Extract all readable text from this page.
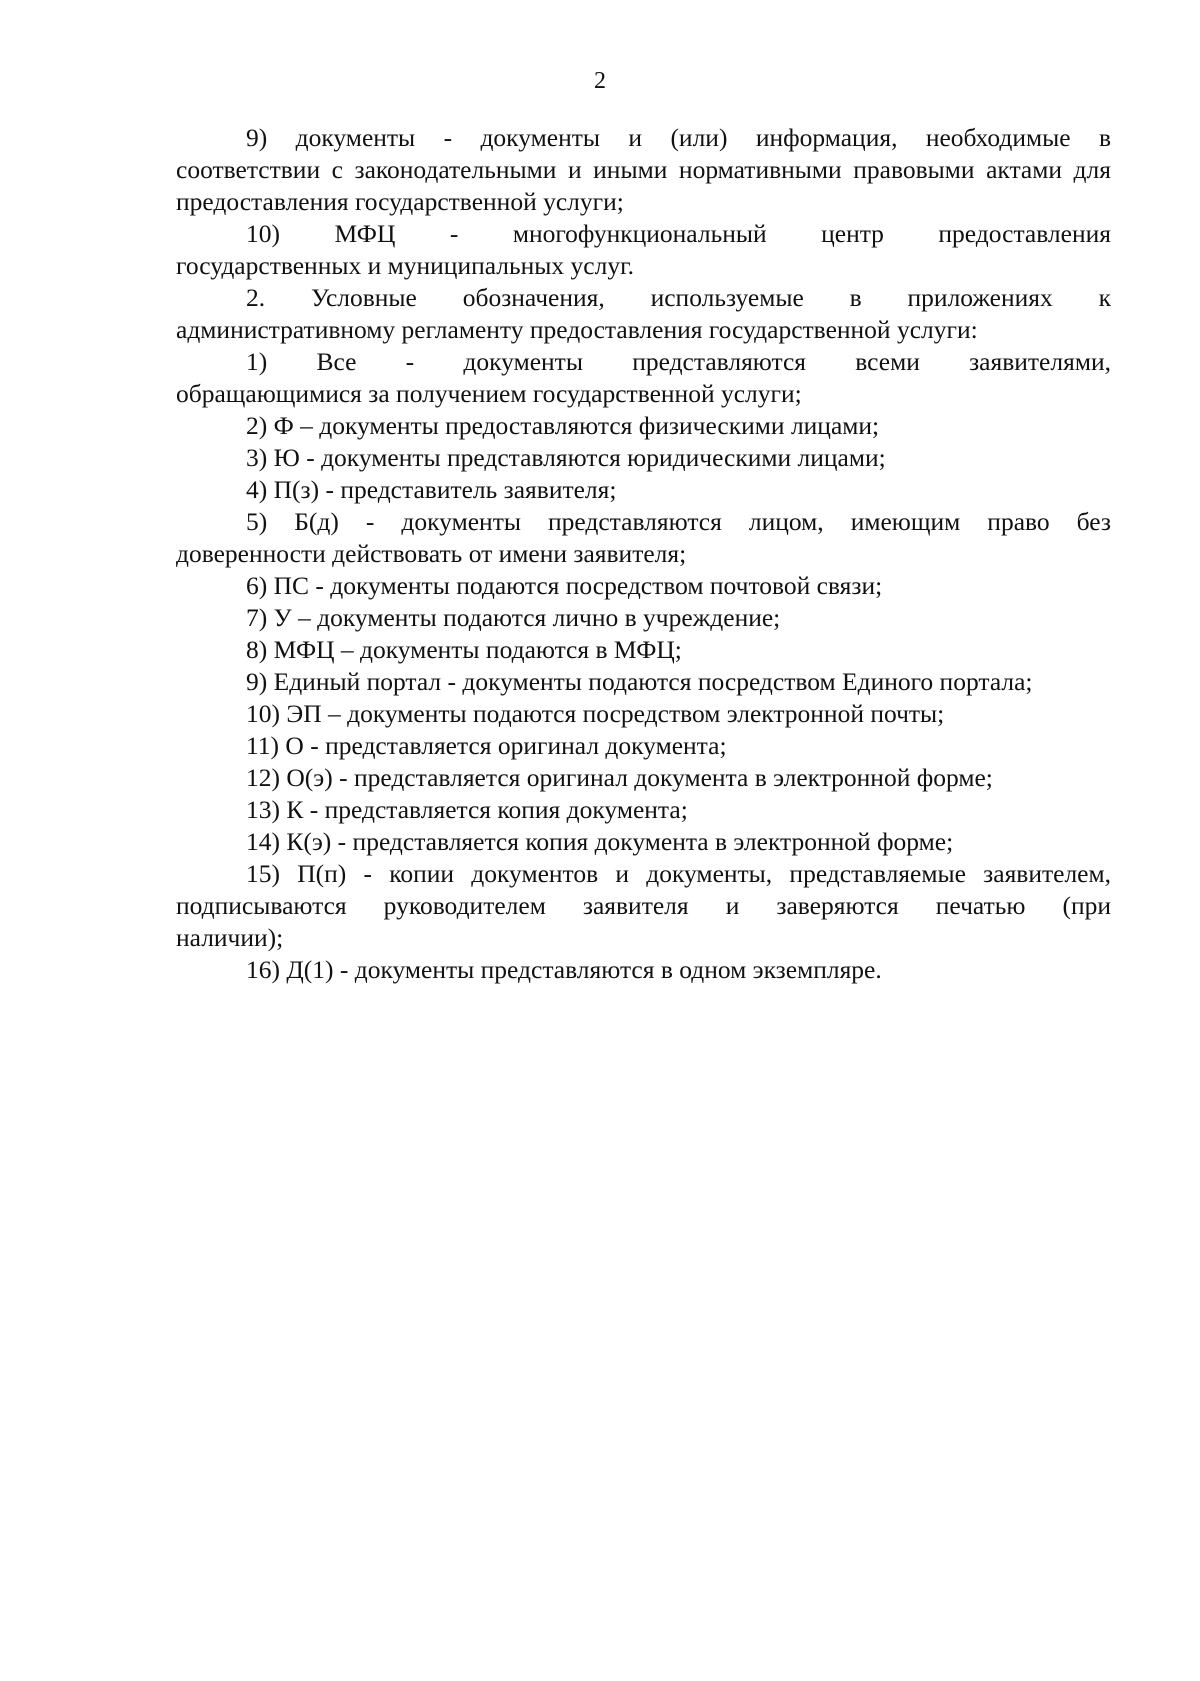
2
9) документы - документы и (или) информация, необходимые в
соответствии с законодательными и иными нормативными правовыми актами для предоставления государственной услуги;
10) МФЦ - многофункциональный центр предоставления
государственных и муниципальных услуг.
2. Условные обозначения, используемые в приложениях к
административному регламенту предоставления государственной услуги:
1) Все - документы представляются всеми заявителями,
обращающимися за получением государственной услуги;

2) Ф – документы предоставляются физическими лицами;

3) Ю - документы представляются юридическими лицами;

4) П(з) - представитель заявителя;

5) Б(д) - документы представляются лицом, имеющим право без
доверенности действовать от имени заявителя;

6) ПС - документы подаются посредством почтовой связи;

7) У – документы подаются лично в учреждение;

8) МФЦ – документы подаются в МФЦ;

9) Единый портал - документы подаются посредством Единого портала;

10) ЭП – документы подаются посредством электронной почты;

11) О - представляется оригинал документа;

12) О(э) - представляется оригинал документа в электронной форме;

13) К - представляется копия документа;

14) К(э) - представляется копия документа в электронной форме;

15) П(п) - копии документов и документы, представляемые заявителем,
подписываются руководителем заявителя и заверяются печатью (при
наличии);

16) Д(1) - документы представляются в одном экземпляре.
